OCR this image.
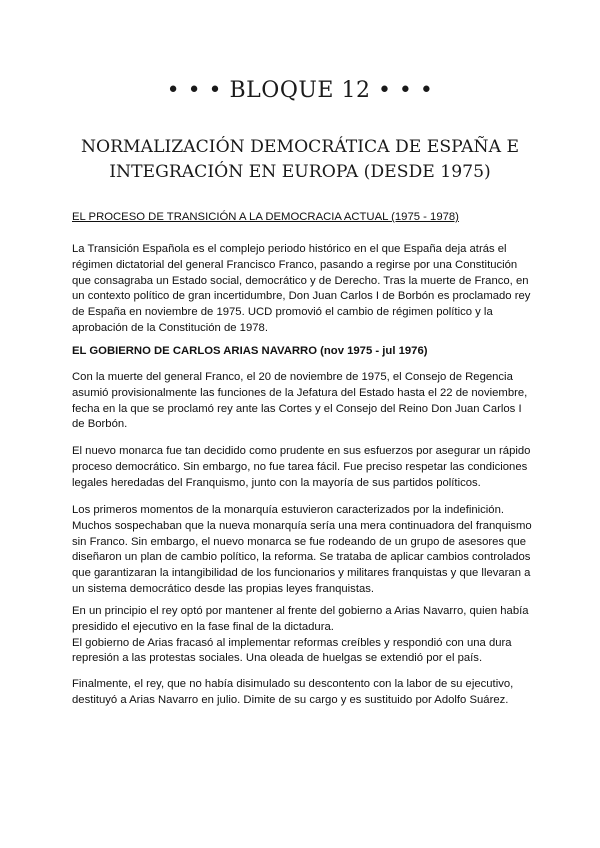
• • • BLOQUE 12 • • •
NORMALIZACIÓN DEMOCRÁTICA DE ESPAÑA E
INTEGRACIÓN EN EUROPA (DESDE 1975)
EL PROCESO DE TRANSICIÓN A LA DEMOCRACIA ACTUAL (1975 - 1978)

La Transición Española es el complejo periodo histórico en el que España deja atrás el
régimen dictatorial del general Francisco Franco, pasando a regirse por una Constitución
que consagraba un Estado social, democrático y de Derecho. Tras la muerte de Franco, en
un contexto político de gran incertidumbre, Don Juan Carlos I de Borbón es proclamado rey
de España en noviembre de 1975. UCD promovió el cambio de régimen político y la
aprobación de la Constitución de 1978.

EL GOBIERNO DE CARLOS ARIAS NAVARRO (nov 1975 - jul 1976)

Con la muerte del general Franco, el 20 de noviembre de 1975, el Consejo de Regencia
asumió provisionalmente las funciones de la Jefatura del Estado hasta el 22 de noviembre,
fecha en la que se proclamó rey ante las Cortes y el Consejo del Reino Don Juan Carlos I
de Borbón.

El nuevo monarca fue tan decidido como prudente en sus esfuerzos por asegurar un rápido
proceso democrático. Sin embargo, no fue tarea fácil. Fue preciso respetar las condiciones
legales heredadas del Franquismo, junto con la mayoría de sus partidos políticos.

Los primeros momentos de la monarquía estuvieron caracterizados por la indefinición.
Muchos sospechaban que la nueva monarquía sería una mera continuadora del franquismo
sin Franco. Sin embargo, el nuevo monarca se fue rodeando de un grupo de asesores que
diseñaron un plan de cambio político, la reforma. Se trataba de aplicar cambios controlados
que garantizaran la intangibilidad de los funcionarios y militares franquistas y que llevaran a
un sistema democrático desde las propias leyes franquistas.

En un principio el rey optó por mantener al frente del gobierno a Arias Navarro, quien había
presidido el ejecutivo en la fase final de la dictadura.
El gobierno de Arias fracasó al implementar reformas creíbles y respondió con una dura
represión a las protestas sociales. Una oleada de huelgas se extendió por el país.

Finalmente, el rey, que no había disimulado su descontento con la labor de su ejecutivo,
destituyó a Arias Navarro en julio. Dimite de su cargo y es sustituido por Adolfo Suárez.
